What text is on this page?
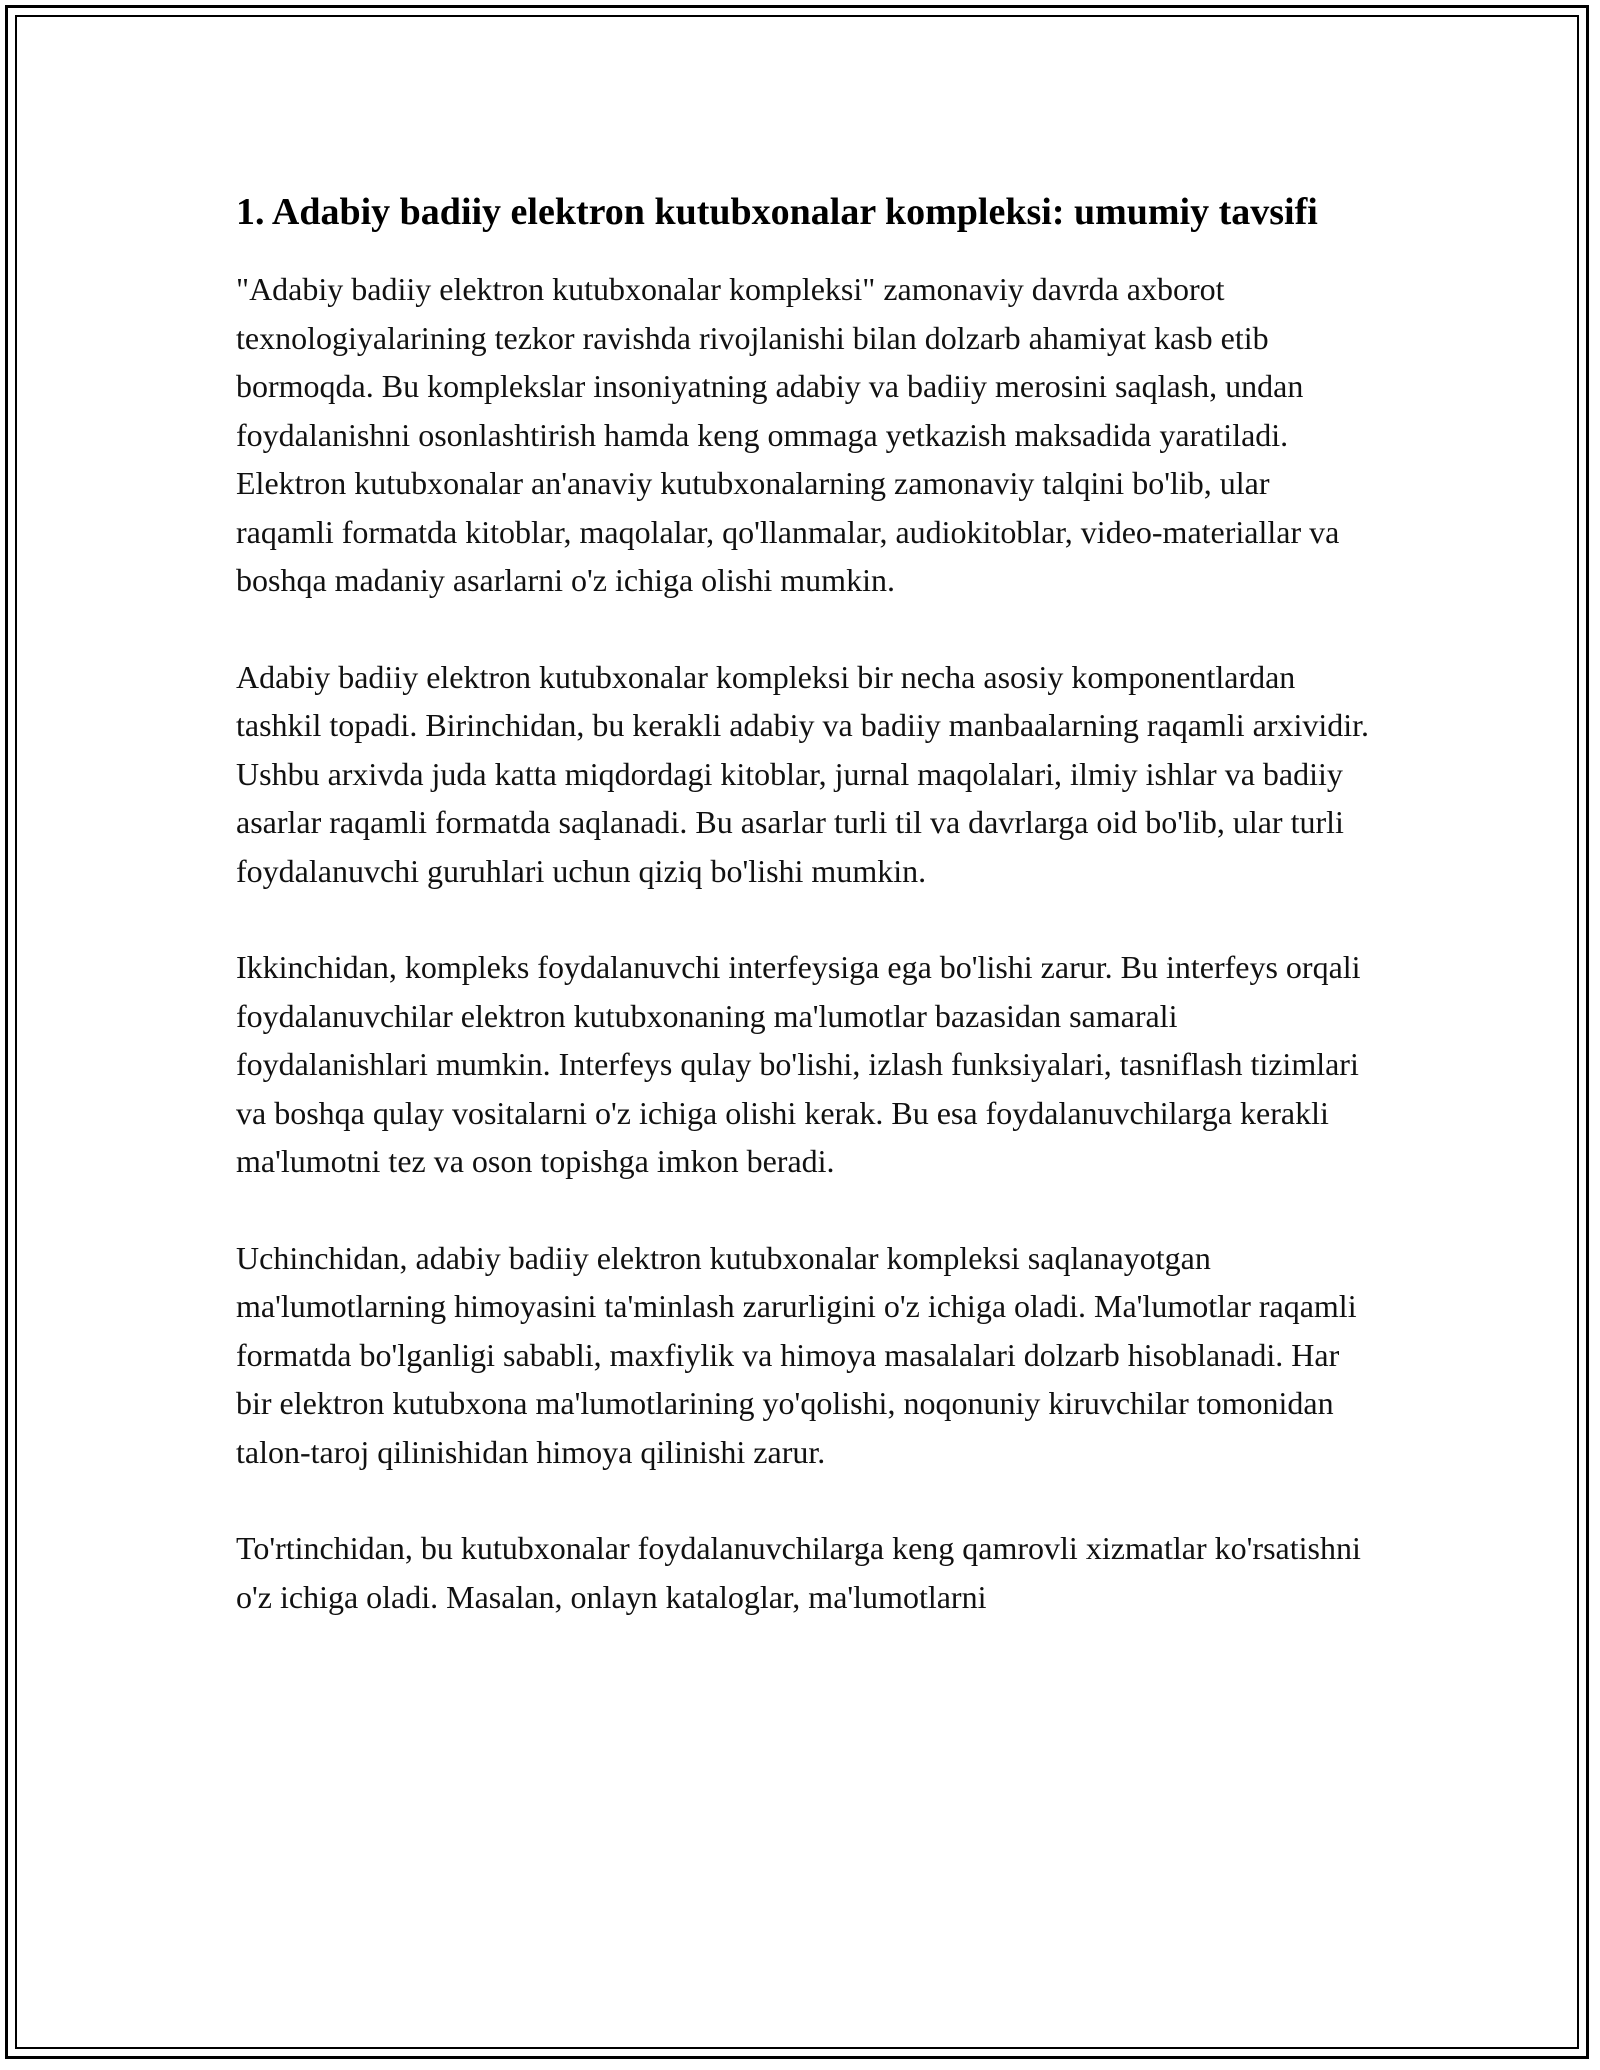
1. Adabiy badiiy elektron kutubxonalar kompleksi: umumiy tavsifi

"Adabiy badiiy elektron kutubxonalar kompleksi" zamonaviy davrda axborot texnologiyalarining tezkor ravishda rivojlanishi bilan dolzarb ahamiyat kasb etib bormoqda. Bu komplekslar insoniyatning adabiy va badiiy merosini saqlash, undan foydalanishni osonlashtirish hamda keng ommaga yetkazish maksadida yaratiladi. Elektron kutubxonalar an'anaviy kutubxonalarning zamonaviy talqini bo'lib, ular raqamli formatda kitoblar, maqolalar, qo'llanmalar, audiokitoblar, video-materiallar va boshqa madaniy asarlarni o'z ichiga olishi mumkin.

Adabiy badiiy elektron kutubxonalar kompleksi bir necha asosiy komponentlardan tashkil topadi. Birinchidan, bu kerakli adabiy va badiiy manbaalarning raqamli arxividir. Ushbu arxivda juda katta miqdordagi kitoblar, jurnal maqolalari, ilmiy ishlar va badiiy asarlar raqamli formatda saqlanadi. Bu asarlar turli til va davrlarga oid bo'lib, ular turli foydalanuvchi guruhlari uchun qiziq bo'lishi mumkin.

Ikkinchidan, kompleks foydalanuvchi interfeysiga ega bo'lishi zarur. Bu interfeys orqali foydalanuvchilar elektron kutubxonaning ma'lumotlar bazasidan samarali foydalanishlari mumkin. Interfeys qulay bo'lishi, izlash funksiyalari, tasniflash tizimlari va boshqa qulay vositalarni o'z ichiga olishi kerak. Bu esa foydalanuvchilarga kerakli ma'lumotni tez va oson topishga imkon beradi.

Uchinchidan, adabiy badiiy elektron kutubxonalar kompleksi saqlanayotgan ma'lumotlarning himoyasini ta'minlash zarurligini o'z ichiga oladi. Ma'lumotlar raqamli formatda bo'lganligi sababli, maxfiylik va himoya masalalari dolzarb hisoblanadi. Har bir elektron kutubxona ma'lumotlarining yo'qolishi, noqonuniy kiruvchilar tomonidan talon-taroj qilinishidan himoya qilinishi zarur.

To'rtinchidan, bu kutubxonalar foydalanuvchilarga keng qamrovli xizmatlar ko'rsatishni o'z ichiga oladi. Masalan, onlayn kataloglar, ma'lumotlarni
